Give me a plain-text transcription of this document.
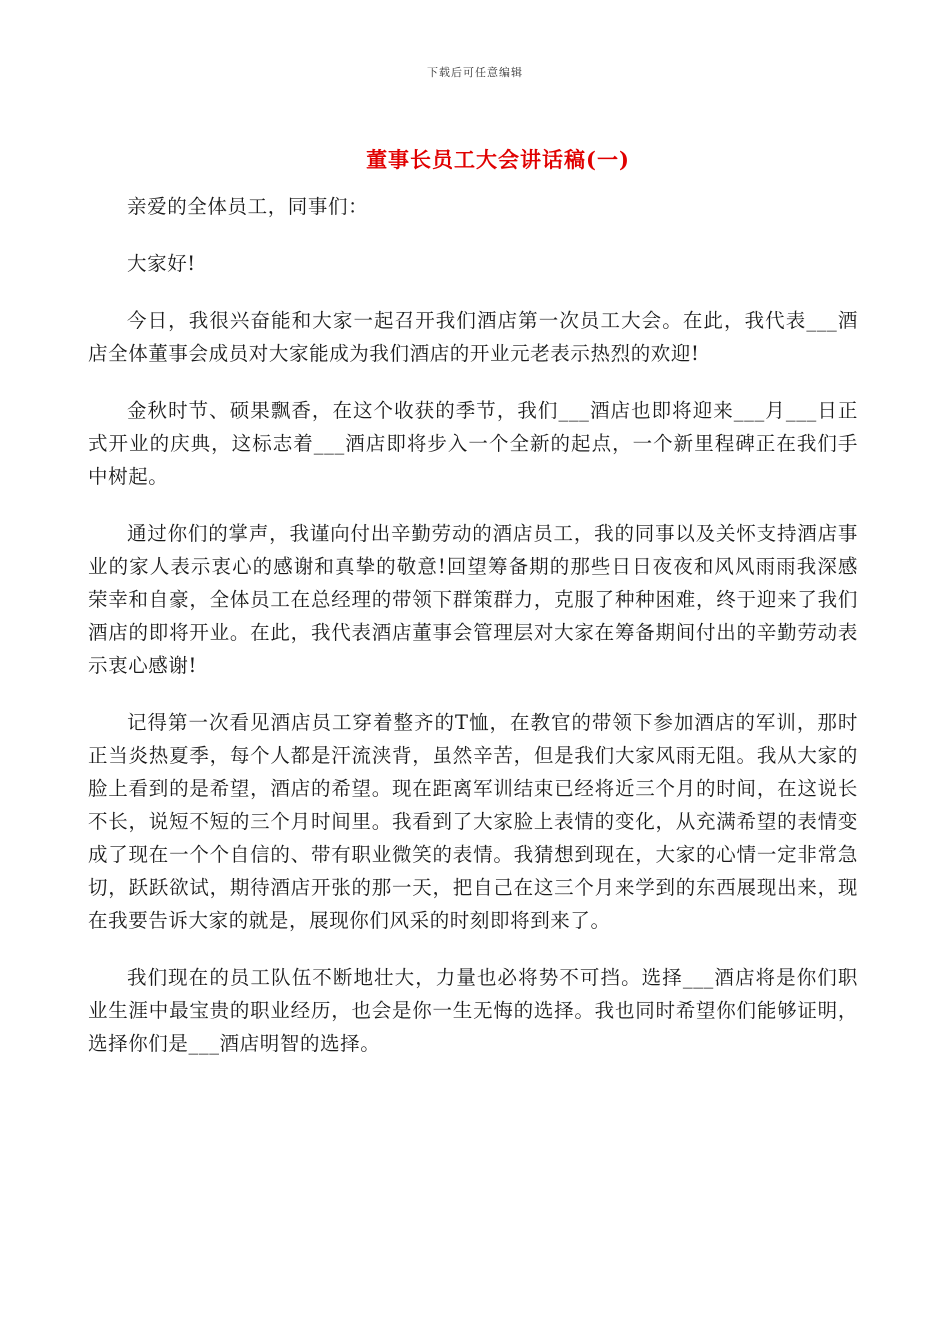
下载后可任意编辑
董事长员工大会讲话稿(一)

亲爱的全体员工，同事们：

大家好!

今日，我很兴奋能和大家一起召开我们酒店第一次员工大会。在此，我代表___酒店全体董事会成员对大家能成为我们酒店的开业元老表示热烈的欢迎!

金秋时节、硕果飘香，在这个收获的季节，我们___酒店也即将迎来___月___日正式开业的庆典，这标志着___酒店即将步入一个全新的起点，一个新里程碑正在我们手中树起。

通过你们的掌声，我谨向付出辛勤劳动的酒店员工，我的同事以及关怀支持酒店事业的家人表示衷心的感谢和真挚的敬意!回望筹备期的那些日日夜夜和风风雨雨我深感荣幸和自豪，全体员工在总经理的带领下群策群力，克服了种种困难，终于迎来了我们酒店的即将开业。在此，我代表酒店董事会管理层对大家在筹备期间付出的辛勤劳动表示衷心感谢!

记得第一次看见酒店员工穿着整齐的T恤，在教官的带领下参加酒店的军训，那时正当炎热夏季，每个人都是汗流浃背，虽然辛苦，但是我们大家风雨无阻。我从大家的脸上看到的是希望，酒店的希望。现在距离军训结束已经将近三个月的时间，在这说长不长，说短不短的三个月时间里。我看到了大家脸上表情的变化，从充满希望的表情变成了现在一个个自信的、带有职业微笑的表情。我猜想到现在，大家的心情一定非常急切，跃跃欲试，期待酒店开张的那一天，把自己在这三个月来学到的东西展现出来，现在我要告诉大家的就是，展现你们风采的时刻即将到来了。

我们现在的员工队伍不断地壮大，力量也必将势不可挡。选择___酒店将是你们职业生涯中最宝贵的职业经历，也会是你一生无悔的选择。我也同时希望你们能够证明，选择你们是___酒店明智的选择。
